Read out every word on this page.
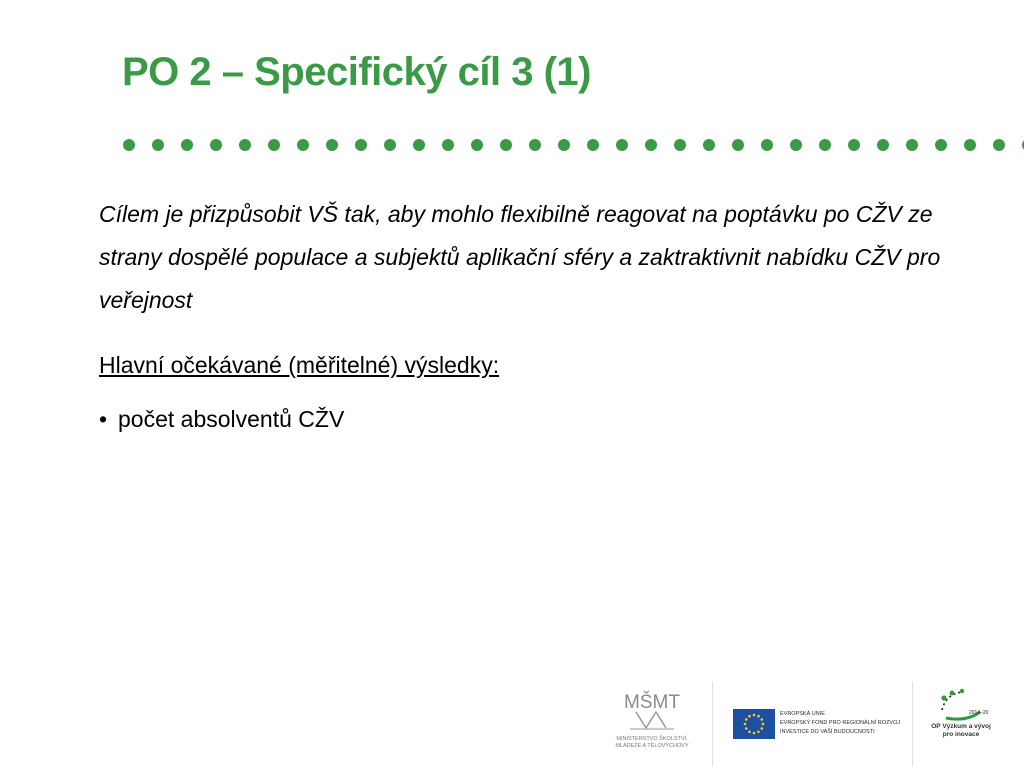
PO 2 – Specifický cíl 3 (1)
Cílem je přizpůsobit VŠ tak, aby mohlo flexibilně reagovat na poptávku po CŽV ze strany dospělé populace a subjektů aplikační sféry a zaktraktivnit nabídku CŽV pro veřejnost
Hlavní očekávané (měřitelné) výsledky:
• počet absolventů CŽV
MŠMT
MINISTERSTVO ŠKOLSTVÍ,
MLÁDEŽE A TĚLOVÝCHOVY
EVROPSKÁ UNIE
EVROPSKÝ FOND PRO REGIONÁLNÍ ROZVOJ
INVESTICE DO VAŠÍ BUDOUCNOSTI
2014–20
OP Výzkum a vývoj
pro inovace
